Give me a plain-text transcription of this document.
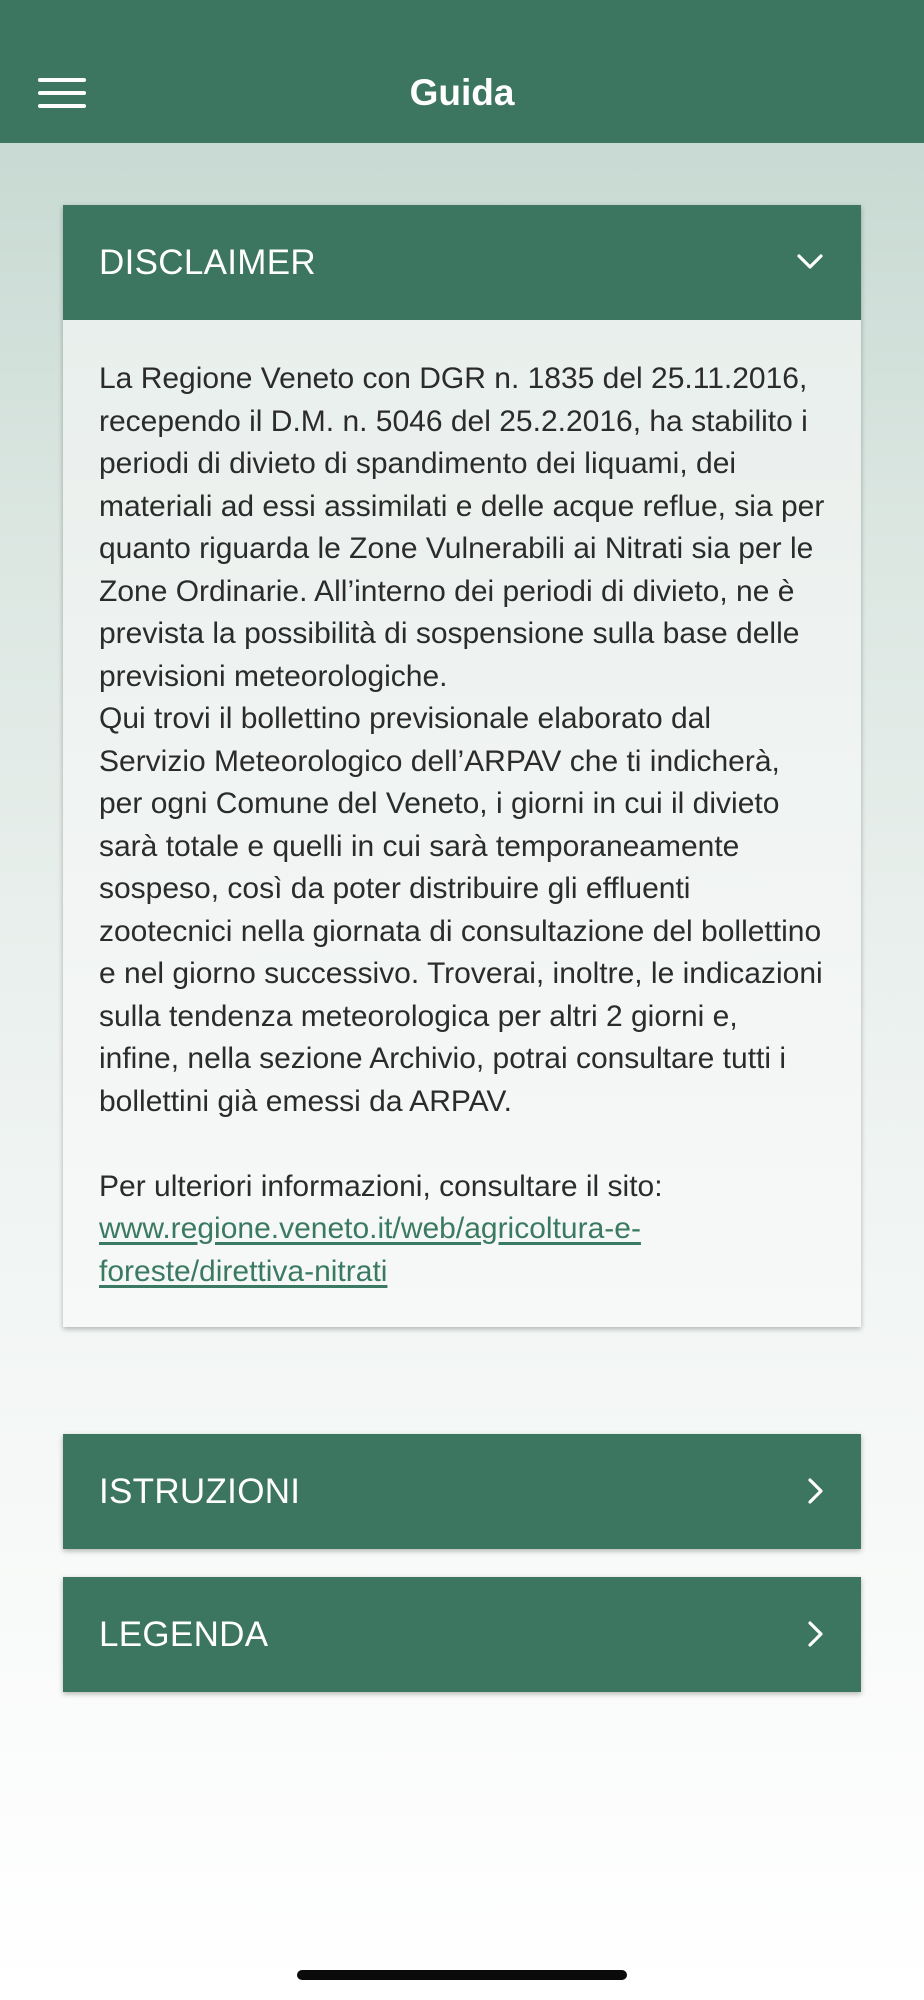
Guida
DISCLAIMER

La Regione Veneto con DGR n. 1835 del 25.11.2016, recependo il D.M. n. 5046 del 25.2.2016, ha stabilito i periodi di divieto di spandimento dei liquami, dei materiali ad essi assimilati e delle acque reflue, sia per quanto riguarda le Zone Vulnerabili ai Nitrati sia per le Zone Ordinarie. All’interno dei periodi di divieto, ne è prevista la possibilità di sospensione sulla base delle previsioni meteorologiche.

Qui trovi il bollettino previsionale elaborato dal Servizio Meteorologico dell’ARPAV che ti indicherà, per ogni Comune del Veneto, i giorni in cui il divieto sarà totale e quelli in cui sarà temporaneamente sospeso, così da poter distribuire gli effluenti zootecnici nella giornata di consultazione del bollettino e nel giorno successivo. Troverai, inoltre, le indicazioni sulla tendenza meteorologica per altri 2 giorni e, infine, nella sezione Archivio, potrai consultare tutti i bollettini già emessi da ARPAV.

Per ulteriori informazioni, consultare il sito:

www.regione.veneto.it/web/agricoltura-e-foreste/direttiva-nitrati

ISTRUZIONI
LEGENDA
